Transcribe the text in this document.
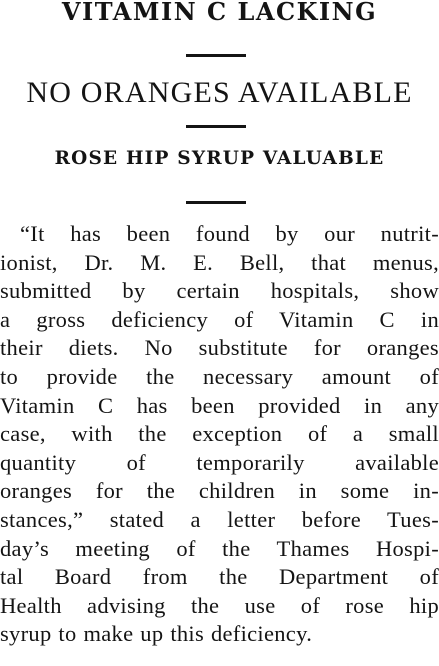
VITAMIN C LACKING
NO ORANGES AVAILABLE
ROSE HIP SYRUP VALUABLE
“It has been found by our nutrit-
ionist, Dr. M. E. Bell, that menus,
submitted by certain hospitals, show
a gross deficiency of Vitamin C in
their diets. No substitute for oranges
to provide the necessary amount of
Vitamin C has been provided in any
case, with the exception of a small
quantity of temporarily available
oranges for the children in some in-
stances,” stated a letter before Tues-
day’s meeting of the Thames Hospi-
tal Board from the Department of
Health advising the use of rose hip
syrup to make up this deficiency.
